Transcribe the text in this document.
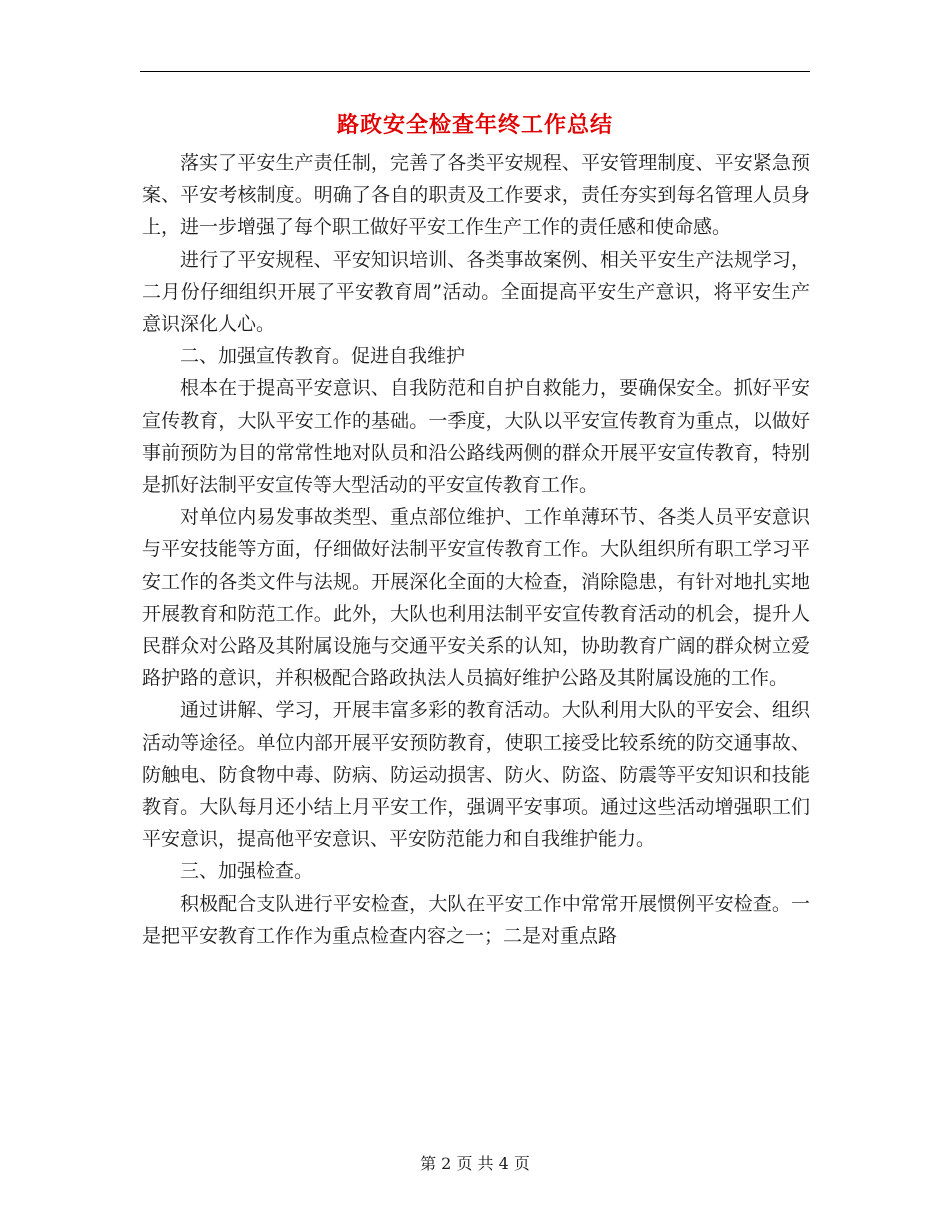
路政安全检查年终工作总结

落实了平安生产责任制，完善了各类平安规程、平安管理制度、平安紧急预案、平安考核制度。明确了各自的职责及工作要求，责任夯实到每名管理人员身上，进一步增强了每个职工做好平安工作生产工作的责任感和使命感。

进行了平安规程、平安知识培训、各类事故案例、相关平安生产法规学习，二月份仔细组织开展了平安教育周”活动。全面提高平安生产意识，将平安生产意识深化人心。

二、加强宣传教育。促进自我维护

根本在于提高平安意识、自我防范和自护自救能力，要确保安全。抓好平安宣传教育，大队平安工作的基础。一季度，大队以平安宣传教育为重点，以做好事前预防为目的常常性地对队员和沿公路线两侧的群众开展平安宣传教育，特别是抓好法制平安宣传等大型活动的平安宣传教育工作。

对单位内易发事故类型、重点部位维护、工作单薄环节、各类人员平安意识与平安技能等方面，仔细做好法制平安宣传教育工作。大队组织所有职工学习平安工作的各类文件与法规。开展深化全面的大检查，消除隐患，有针对地扎实地开展教育和防范工作。此外，大队也利用法制平安宣传教育活动的机会，提升人民群众对公路及其附属设施与交通平安关系的认知，协助教育广阔的群众树立爱路护路的意识，并积极配合路政执法人员搞好维护公路及其附属设施的工作。

通过讲解、学习，开展丰富多彩的教育活动。大队利用大队的平安会、组织活动等途径。单位内部开展平安预防教育，使职工接受比较系统的防交通事故、防触电、防食物中毒、防病、防运动损害、防火、防盗、防震等平安知识和技能教育。大队每月还小结上月平安工作，强调平安事项。通过这些活动增强职工们平安意识，提高他平安意识、平安防范能力和自我维护能力。

三、加强检查。

积极配合支队进行平安检查，大队在平安工作中常常开展惯例平安检查。一是把平安教育工作作为重点检查内容之一；二是对重点路

第 2 页 共 4 页
